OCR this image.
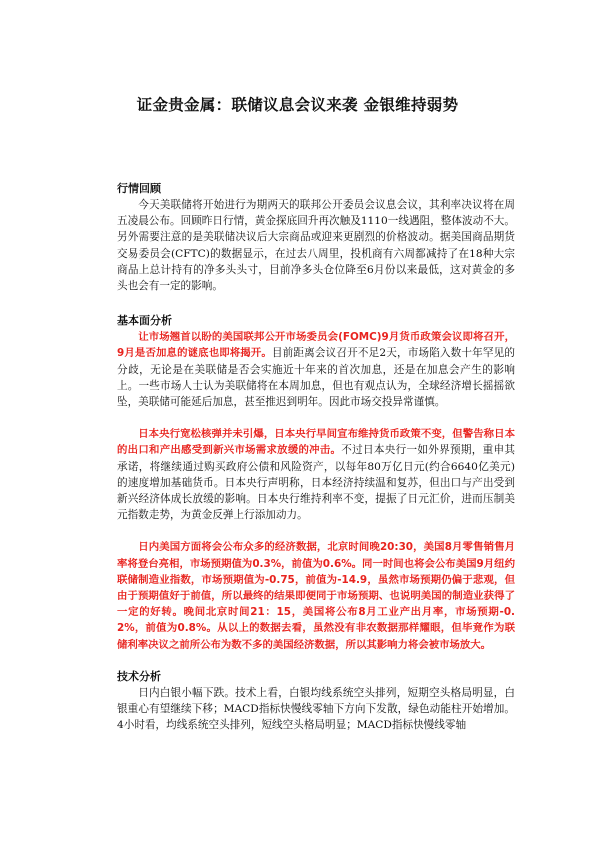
证金贵金属：联储议息会议来袭 金银维持弱势

行情回顾

今天美联储将开始进行为期两天的联邦公开委员会议息会议，其利率决议将在周五凌晨公布。回顾昨日行情，黄金探底回升再次触及1110一线遇阻，整体波动不大。另外需要注意的是美联储决议后大宗商品或迎来更剧烈的价格波动。据美国商品期货交易委员会(CFTC)的数据显示，在过去八周里，投机商有六周都减持了在18种大宗商品上总计持有的净多头头寸，目前净多头仓位降至6月份以来最低，这对黄金的多头也会有一定的影响。

基本面分析

让市场翘首以盼的美国联邦公开市场委员会(FOMC)9月货币政策会议即将召开，9月是否加息的谜底也即将揭开。目前距离会议召开不足2天，市场陷入数十年罕见的分歧，无论是在美联储是否会实施近十年来的首次加息，还是在加息会产生的影响上。一些市场人士认为美联储将在本周加息，但也有观点认为，全球经济增长摇摇欲坠，美联储可能延后加息，甚至推迟到明年。因此市场交投异常谨慎。

日本央行宽松核弹并未引爆，日本央行早间宣布维持货币政策不变，但警告称日本的出口和产出感受到新兴市场需求放缓的冲击。不过日本央行一如外界预期，重申其承诺，将继续通过购买政府公债和风险资产，以每年80万亿日元(约合6640亿美元)的速度增加基础货币。日本央行声明称，日本经济持续温和复苏，但出口与产出受到新兴经济体成长放缓的影响。日本央行维持利率不变，提振了日元汇价，进而压制美元指数走势，为黄金反弹上行添加动力。

日内美国方面将会公布众多的经济数据，北京时间晚20:30，美国8月零售销售月率将登台亮相，市场预期值为0.3%，前值为0.6%。同一时间也将会公布美国9月纽约联储制造业指数，市场预期值为-0.75，前值为-14.9，虽然市场预期仍偏于悲观，但由于预期值好于前值，所以最终的结果即便同于市场预期、也说明美国的制造业获得了一定的好转。晚间北京时间21：15，美国将公布8月工业产出月率，市场预期-0.2%，前值为0.8%。从以上的数据去看，虽然没有非农数据那样耀眼，但毕竟作为联储利率决议之前所公布为数不多的美国经济数据，所以其影响力将会被市场放大。

技术分析

日内白银小幅下跌。技术上看，白银均线系统空头排列，短期空头格局明显，白银重心有望继续下移；MACD指标快慢线零轴下方向下发散，绿色动能柱开始增加。4小时看，均线系统空头排列，短线空头格局明显；MACD指标快慢线零轴
